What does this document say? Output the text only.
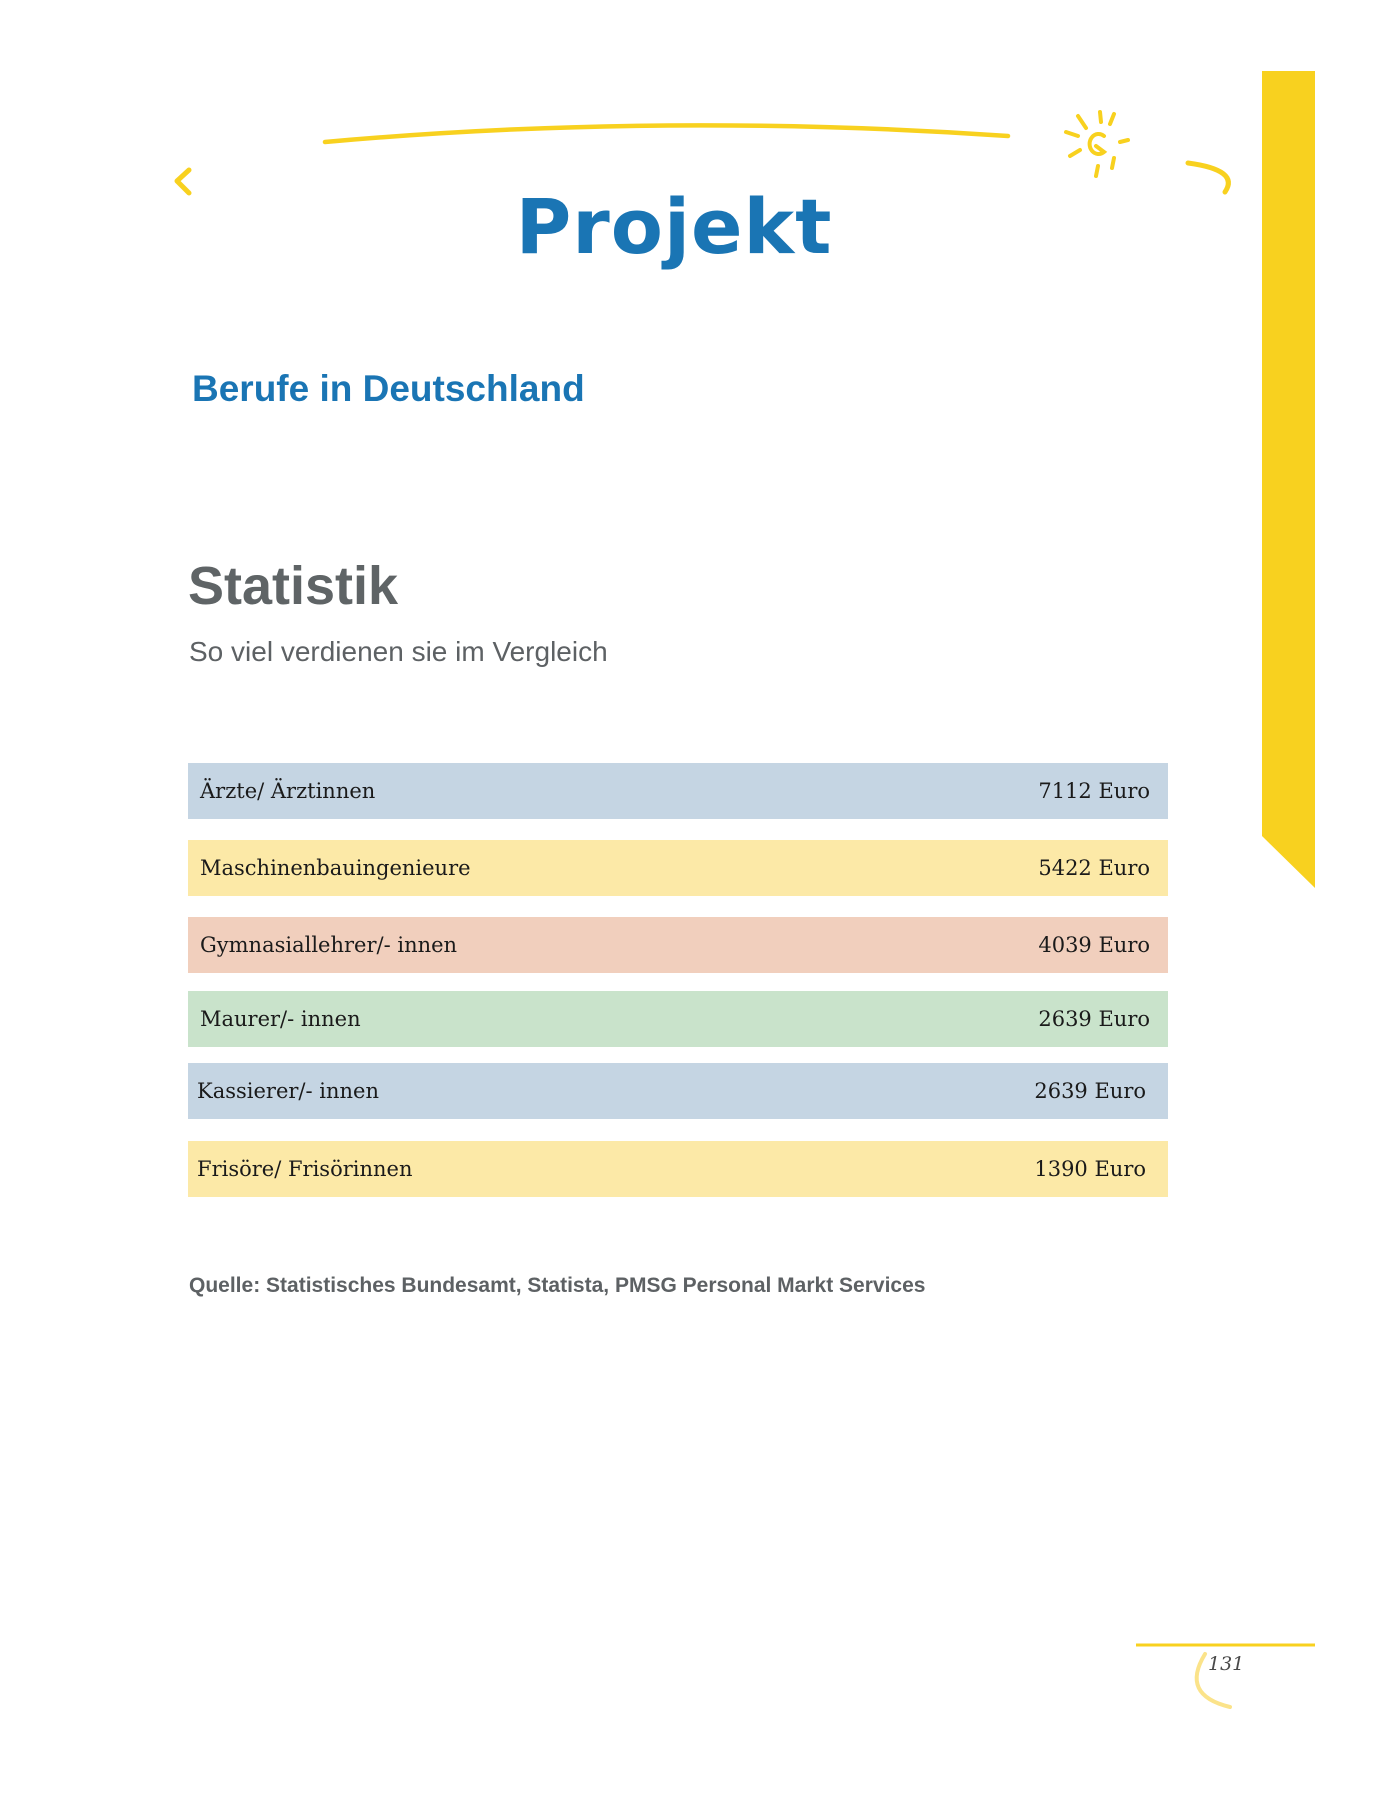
Projekt
Berufe in Deutschland
Statistik

So viel verdienen sie im Vergleich

Ärzte/ Ärztinnen	7112 Euro
Maschinenbauingenieure	5422 Euro
Gymnasiallehrer/- innen	4039 Euro
Maurer/- innen	2639 Euro
Kassierer/- innen	2639 Euro
Frisöre/ Frisörinnen	1390 Euro

Quelle: Statistisches Bundesamt, Statista, PMSG Personal Markt Services

131
